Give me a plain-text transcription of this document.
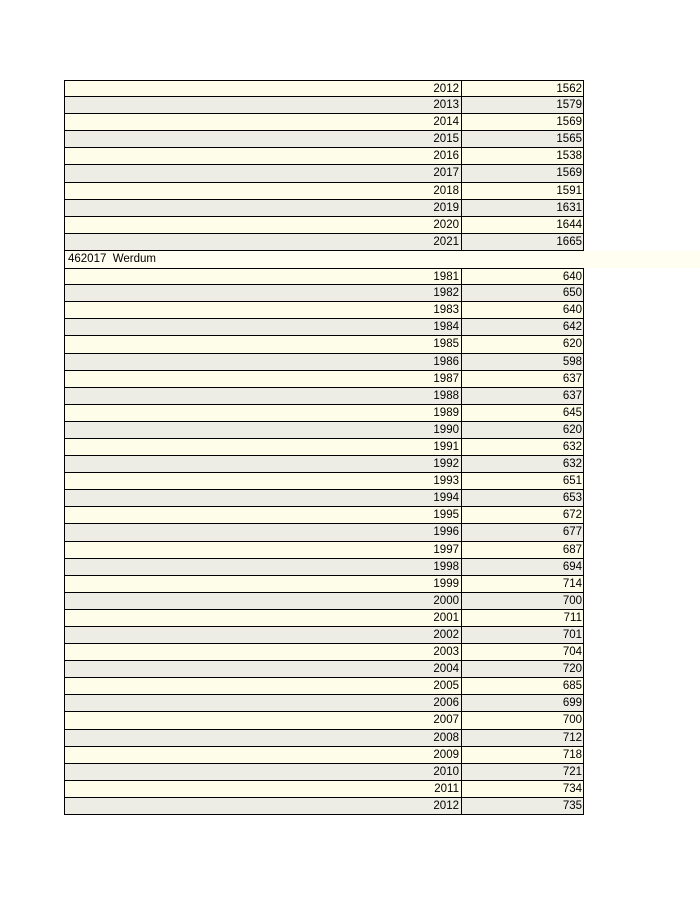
2012	1562
2013	1579
2014	1569
2015	1565
2016	1538
2017	1569
2018	1591
2019	1631
2020	1644
2021	1665
462017  Werdum
1981	640
1982	650
1983	640
1984	642
1985	620
1986	598
1987	637
1988	637
1989	645
1990	620
1991	632
1992	632
1993	651
1994	653
1995	672
1996	677
1997	687
1998	694
1999	714
2000	700
2001	711
2002	701
2003	704
2004	720
2005	685
2006	699
2007	700
2008	712
2009	718
2010	721
2011	734
2012	735
